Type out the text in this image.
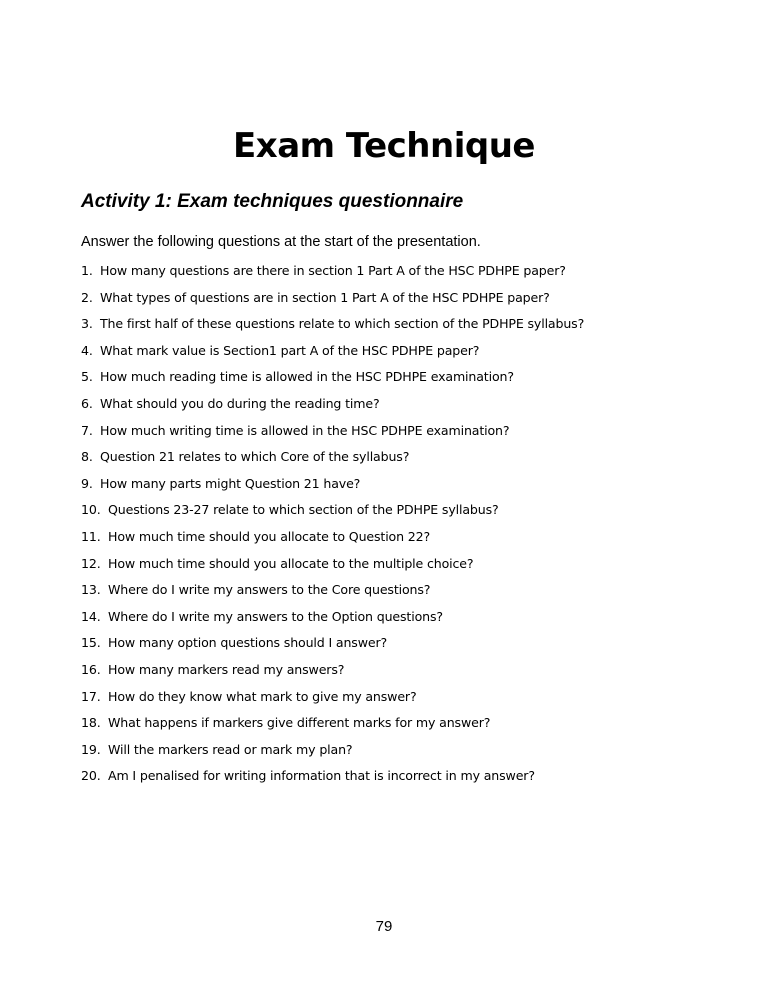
Exam Technique
Activity 1: Exam techniques questionnaire

Answer the following questions at the start of the presentation.

1. How many questions are there in section 1 Part A of the HSC PDHPE paper?
2. What types of questions are in section 1 Part A of the HSC PDHPE paper?
3. The first half of these questions relate to which section of the PDHPE syllabus?
4. What mark value is Section1 part A of the HSC PDHPE paper?
5. How much reading time is allowed in the HSC PDHPE examination?
6. What should you do during the reading time?
7. How much writing time is allowed in the HSC PDHPE examination?
8. Question 21 relates to which Core of the syllabus?
9. How many parts might Question 21 have?
10. Questions 23-27 relate to which section of the PDHPE syllabus?
11. How much time should you allocate to Question 22?
12. How much time should you allocate to the multiple choice?
13. Where do I write my answers to the Core questions?
14. Where do I write my answers to the Option questions?
15. How many option questions should I answer?
16. How many markers read my answers?
17. How do they know what mark to give my answer?
18. What happens if markers give different marks for my answer?
19. Will the markers read or mark my plan?
20. Am I penalised for writing information that is incorrect in my answer?
79
